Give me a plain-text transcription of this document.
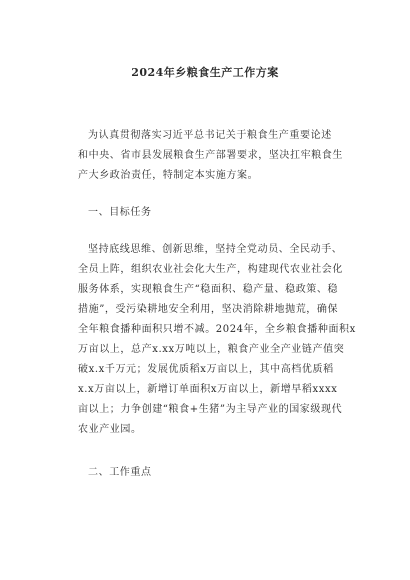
2024年乡粮食生产工作方案
为认真贯彻落实习近平总书记关于粮食生产重要论述
和中央、省市县发展粮食生产部署要求，坚决扛牢粮食生
产大乡政治责任，特制定本实施方案。
一、目标任务
坚持底线思维、创新思维，坚持全党动员、全民动手、
全员上阵，组织农业社会化大生产，构建现代农业社会化
服务体系，实现粮食生产“稳面积、稳产量、稳政策、稳
措施”，受污染耕地安全利用，坚决消除耕地抛荒，确保
全年粮食播种面积只增不减。2024年，全乡粮食播种面积x
万亩以上，总产x.xx万吨以上，粮食产业全产业链产值突
破x.x千万元；发展优质稻x万亩以上，其中高档优质稻
x.x万亩以上，新增订单面积x万亩以上，新增早稻xxxx
亩以上；力争创建“粮食+生猪”为主导产业的国家级现代
农业产业园。
二、工作重点
